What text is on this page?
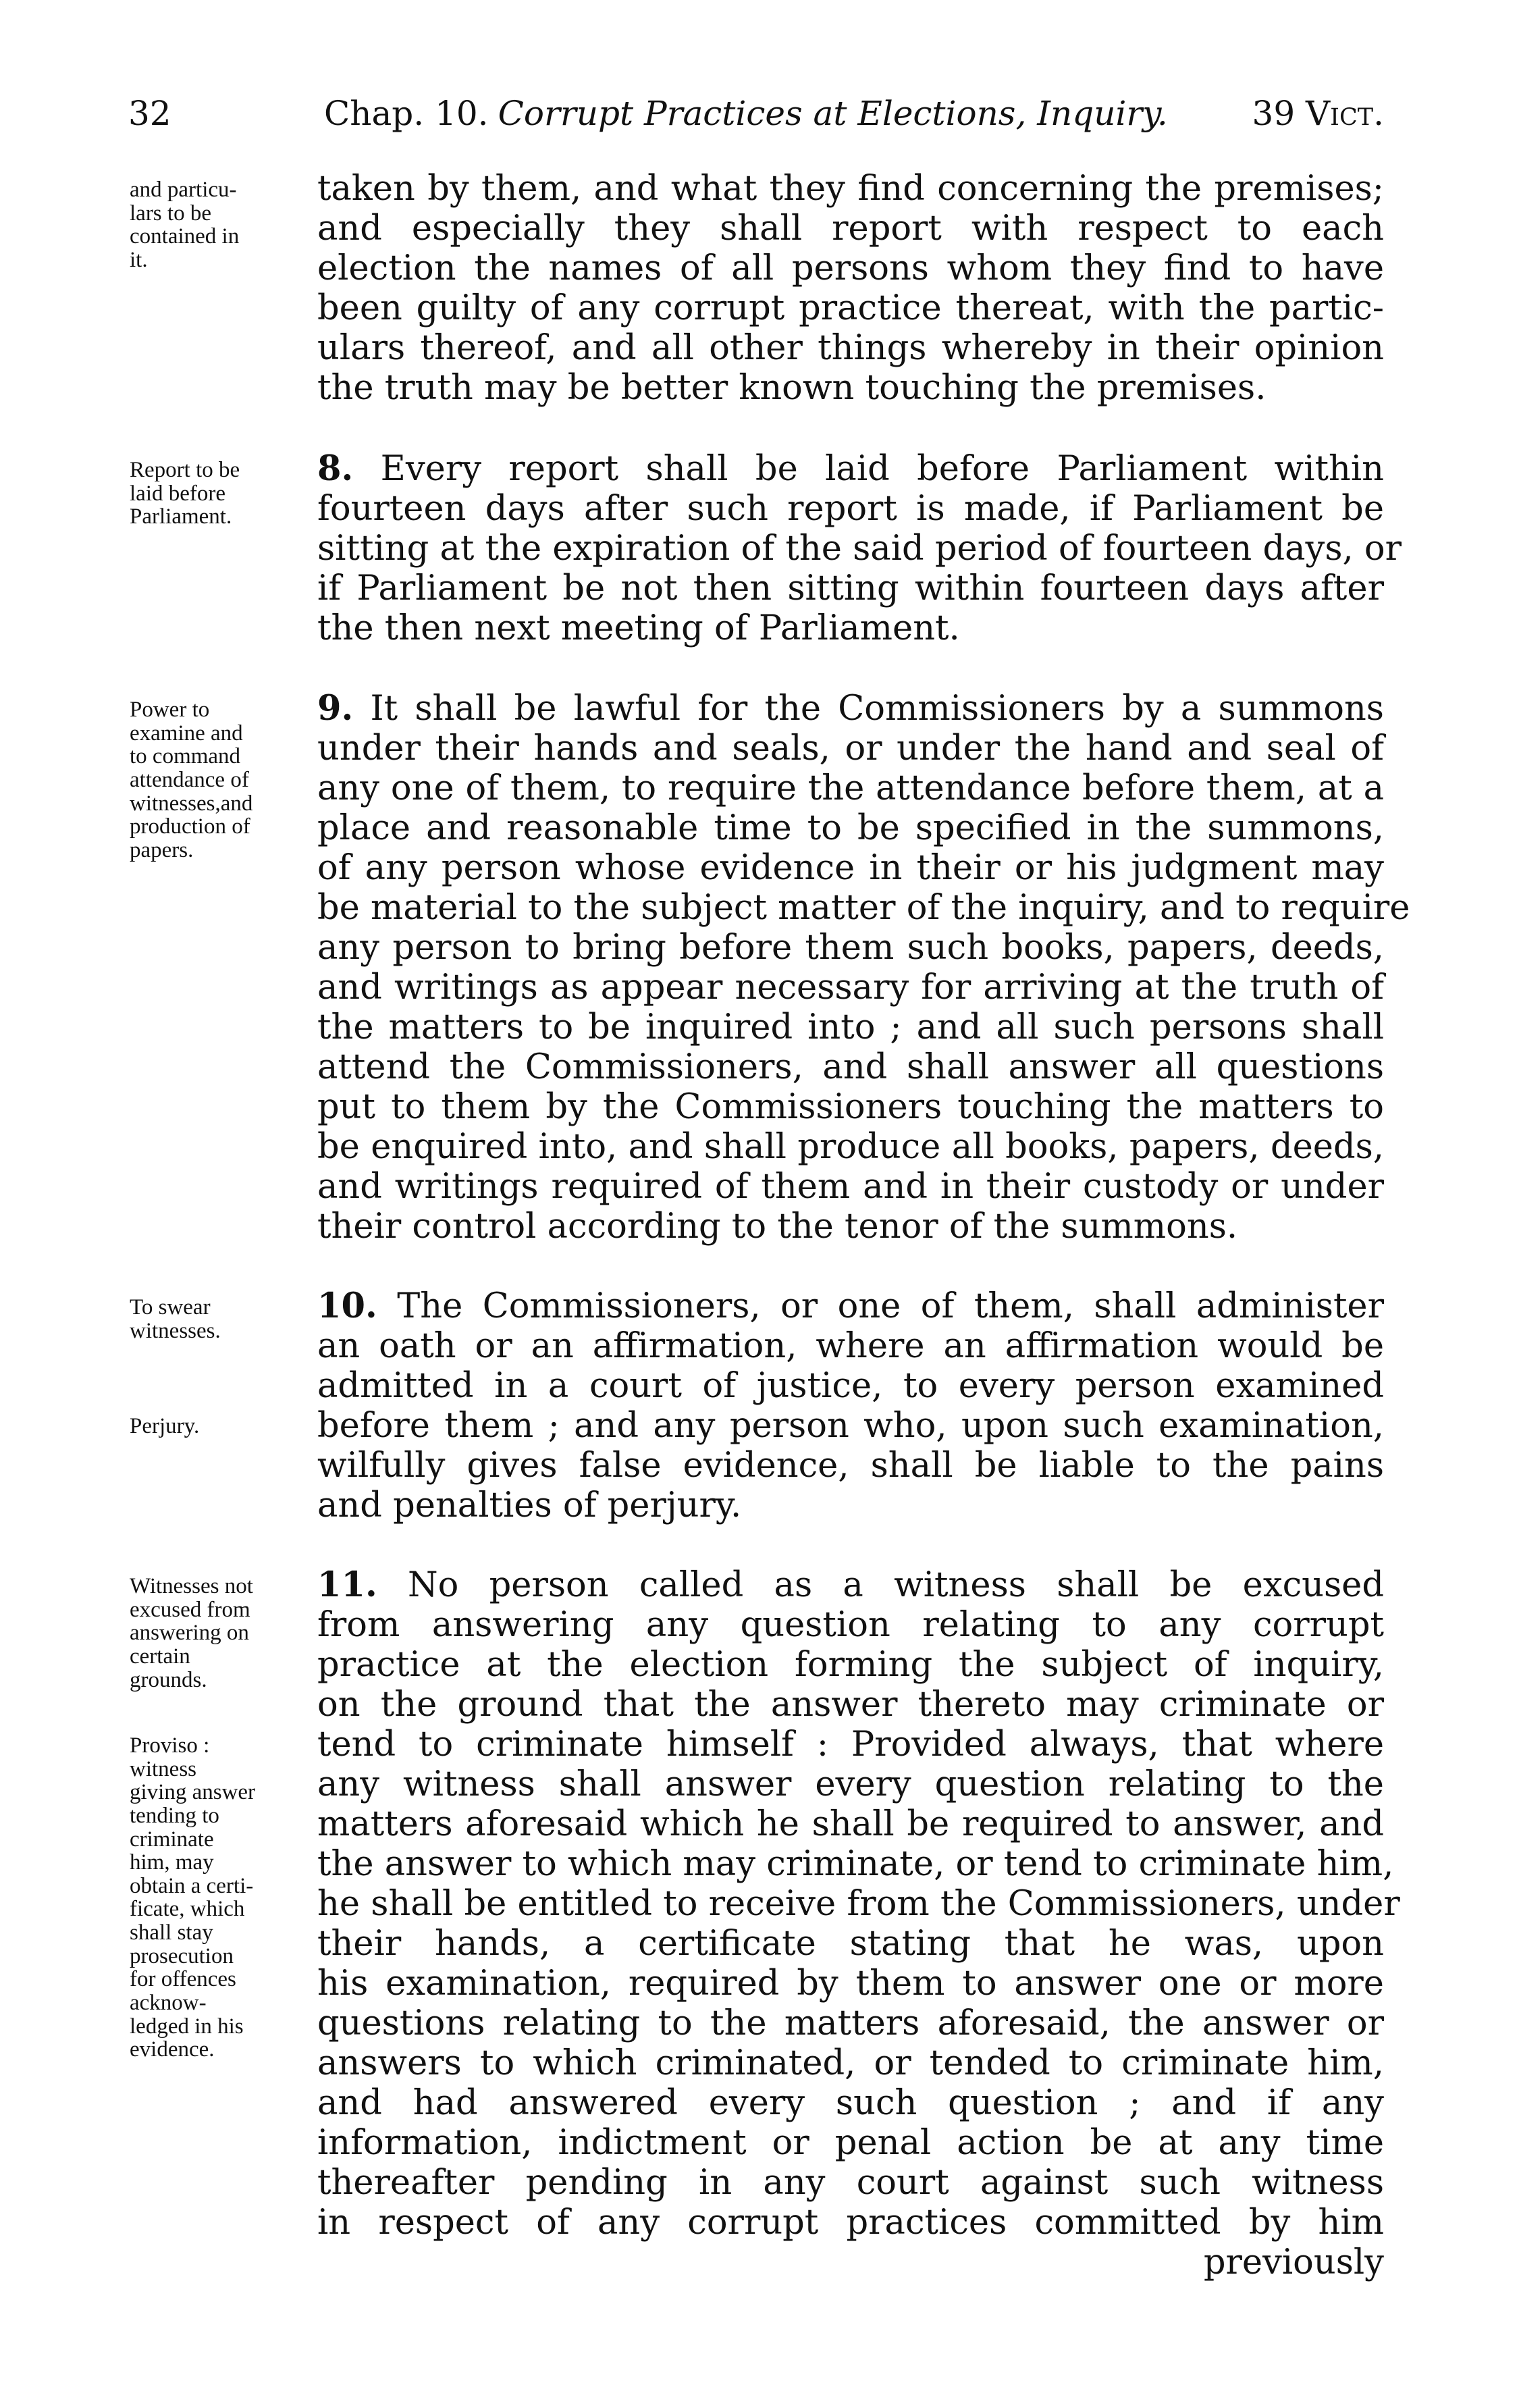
32	Chap. 10. Corrupt Practices at Elections, Inquiry. 39 Vict.
and particu-
lars to be
contained in
it.
taken by them, and what they find concerning the premises;
and especially they shall report with respect to each
election the names of all persons whom they find to have
been guilty of any corrupt practice thereat, with the partic-
ulars thereof, and all other things whereby in their opinion
the truth may be better known touching the premises.
Report to be
laid before
Parliament.
8. Every report shall be laid before Parliament within
fourteen days after such report is made, if Parliament be
sitting at the expiration of the said period of fourteen days, or
if Parliament be not then sitting within fourteen days after
the then next meeting of Parliament.
Power to
examine and
to command
attendance of
witnesses,and
production of
papers.
9. It shall be lawful for the Commissioners by a summons
under their hands and seals, or under the hand and seal of
any one of them, to require the attendance before them, at a
place and reasonable time to be specified in the summons,
of any person whose evidence in their or his judgment may
be material to the subject matter of the inquiry, and to require
any person to bring before them such books, papers, deeds,
and writings as appear necessary for arriving at the truth of
the matters to be inquired into ; and all such persons shall
attend the Commissioners, and shall answer all questions
put to them by the Commissioners touching the matters to
be enquired into, and shall produce all books, papers, deeds,
and writings required of them and in their custody or under
their control according to the tenor of the summons.
To swear
witnesses.
Perjury.
10. The Commissioners, or one of them, shall administer
an oath or an affirmation, where an affirmation would be
admitted in a court of justice, to every person examined
before them ; and any person who, upon such examination,
wilfully gives false evidence, shall be liable to the pains
and penalties of perjury.
Witnesses not
excused from
answering on
certain
grounds.
Proviso :
witness
giving answer
tending to
criminate
him, may
obtain a certi-
ficate, which
shall stay
prosecution
for offences
acknow-
ledged in his
evidence.
11. No person called as a witness shall be excused
from answering any question relating to any corrupt
practice at the election forming the subject of inquiry,
on the ground that the answer thereto may criminate or
tend to criminate himself : Provided always, that where
any witness shall answer every question relating to the
matters aforesaid which he shall be required to answer, and
the answer to which may criminate, or tend to criminate him,
he shall be entitled to receive from the Commissioners, under
their hands, a certificate stating that he was, upon
his examination, required by them to answer one or more
questions relating to the matters aforesaid, the answer or
answers to which criminated, or tended to criminate him,
and had answered every such question ; and if any
information, indictment or penal action be at any time
thereafter pending in any court against such witness
in respect of any corrupt practices committed by him
previously
